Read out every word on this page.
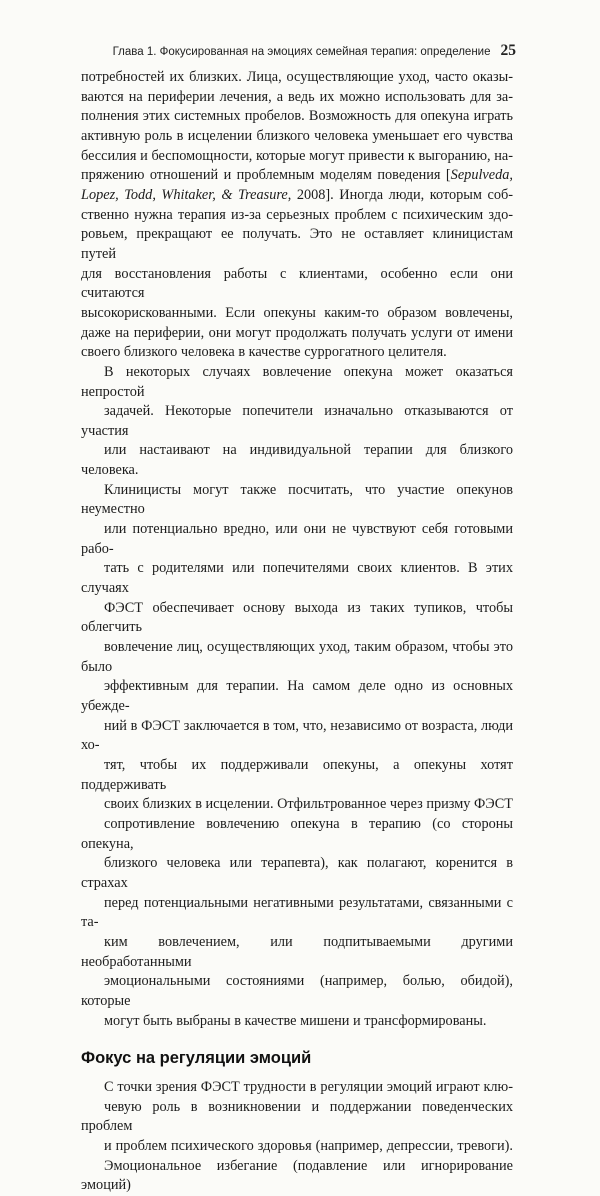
Глава 1. Фокусированная на эмоциях семейная терапия: определение 25

потребностей их близких. Лица, осуществляющие уход, часто оказы-
ваются на периферии лечения, а ведь их можно использовать для за-
полнения этих системных пробелов. Возможность для опекуна играть
активную роль в исцелении близкого человека уменьшает его чувства
бессилия и беспомощности, которые могут привести к выгоранию, на-
пряжению отношений и проблемным моделям поведения [Sepulveda,
Lopez, Todd, Whitaker, & Treasure, 2008]. Иногда люди, которым соб-
ственно нужна терапия из-за серьезных проблем с психическим здо-
ровьем, прекращают ее получать. Это не оставляет клиницистам путей
для восстановления работы с клиентами, особенно если они считаются
высокорискованными. Если опекуны каким-то образом вовлечены,
даже на периферии, они могут продолжать получать услуги от имени
своего близкого человека в качестве суррогатного целителя.

В некоторых случаях вовлечение опекуна может оказаться непростой
задачей. Некоторые попечители изначально отказываются от участия
или настаивают на индивидуальной терапии для близкого человека.
Клиницисты могут также посчитать, что участие опекунов неуместно
или потенциально вредно, или они не чувствуют себя готовыми рабо-
тать с родителями или попечителями своих клиентов. В этих случаях
ФЭСТ обеспечивает основу выхода из таких тупиков, чтобы облегчить
вовлечение лиц, осуществляющих уход, таким образом, чтобы это было
эффективным для терапии. На самом деле одно из основных убежде-
ний в ФЭСТ заключается в том, что, независимо от возраста, люди хо-
тят, чтобы их поддерживали опекуны, а опекуны хотят поддерживать
своих близких в исцелении. Отфильтрованное через призму ФЭСТ
сопротивление вовлечению опекуна в терапию (со стороны опекуна,
близкого человека или терапевта), как полагают, коренится в страхах
перед потенциальными негативными результатами, связанными с та-
ким вовлечением, или подпитываемыми другими необработанными
эмоциональными состояниями (например, болью, обидой), которые
могут быть выбраны в качестве мишени и трансформированы.

Фокус на регуляции эмоций

С точки зрения ФЭСТ трудности в регуляции эмоций играют клю-
чевую роль в возникновении и поддержании поведенческих проблем
и проблем психического здоровья (например, депрессии, тревоги).
Эмоциональное избегание (подавление или игнорирование эмоций)
